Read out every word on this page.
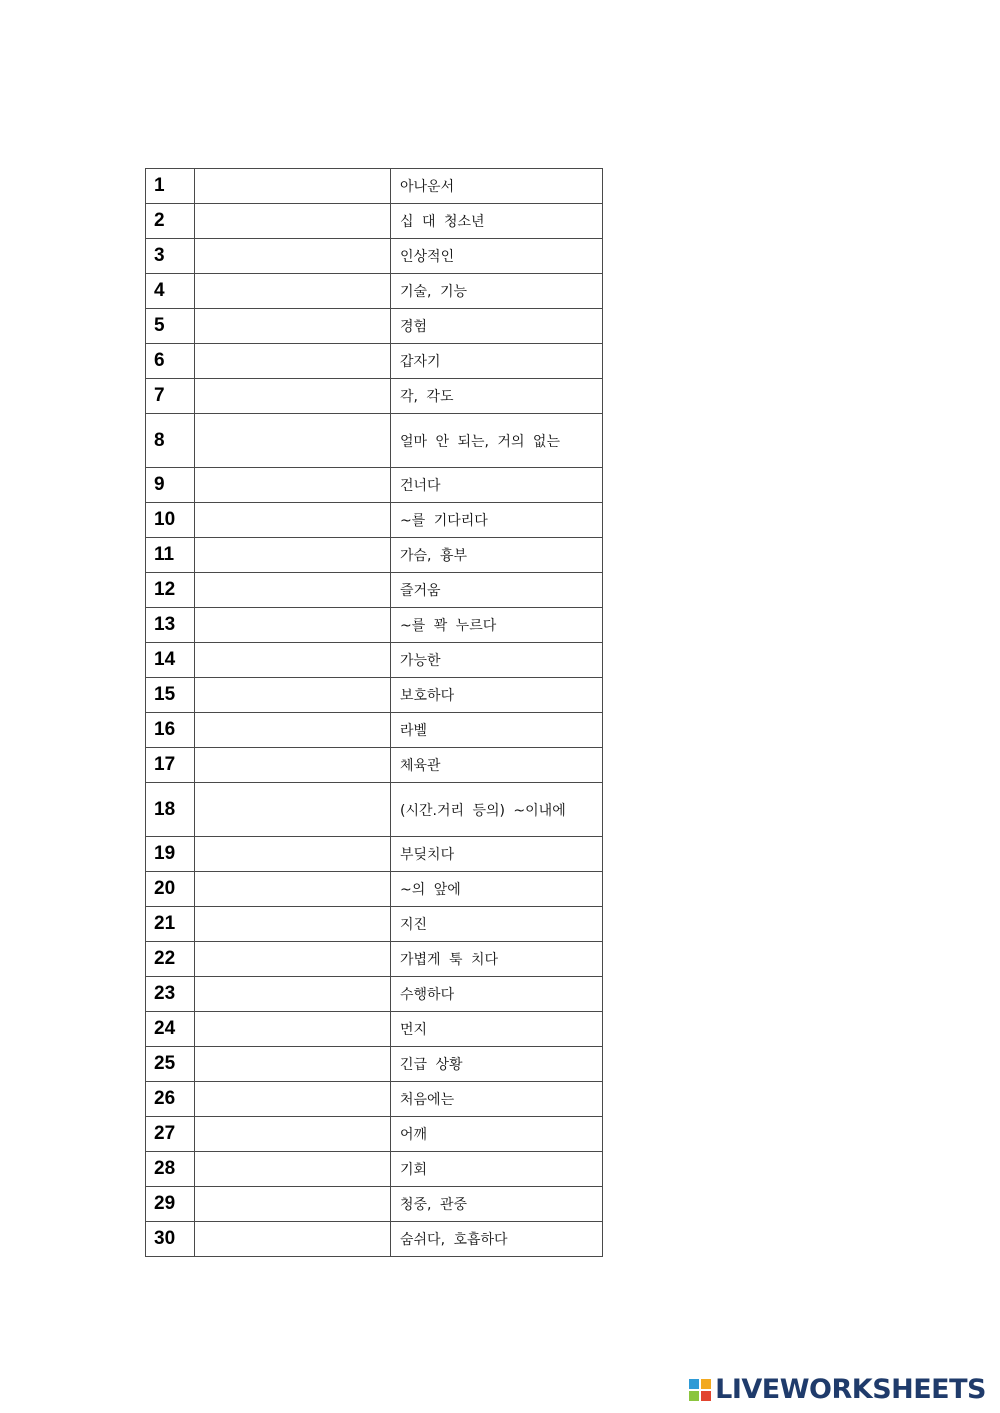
1		아나운서
2		십 대 청소년
3		인상적인
4		기술, 기능
5		경험
6		갑자기
7		각, 각도
8		얼마 안 되는, 거의 없는
9		건너다
10		~를 기다리다
11		가슴, 흉부
12		즐거움
13		~를 꽉 누르다
14		가능한
15		보호하다
16		라벨
17		체육관
18		(시간.거리 등의) ~이내에
19		부딪치다
20		~의 앞에
21		지진
22		가볍게 툭 치다
23		수행하다
24		먼지
25		긴급 상황
26		처음에는
27		어깨
28		기회
29		청중, 관중
30		숨쉬다, 호흡하다
LIVEWORKSHEETS
